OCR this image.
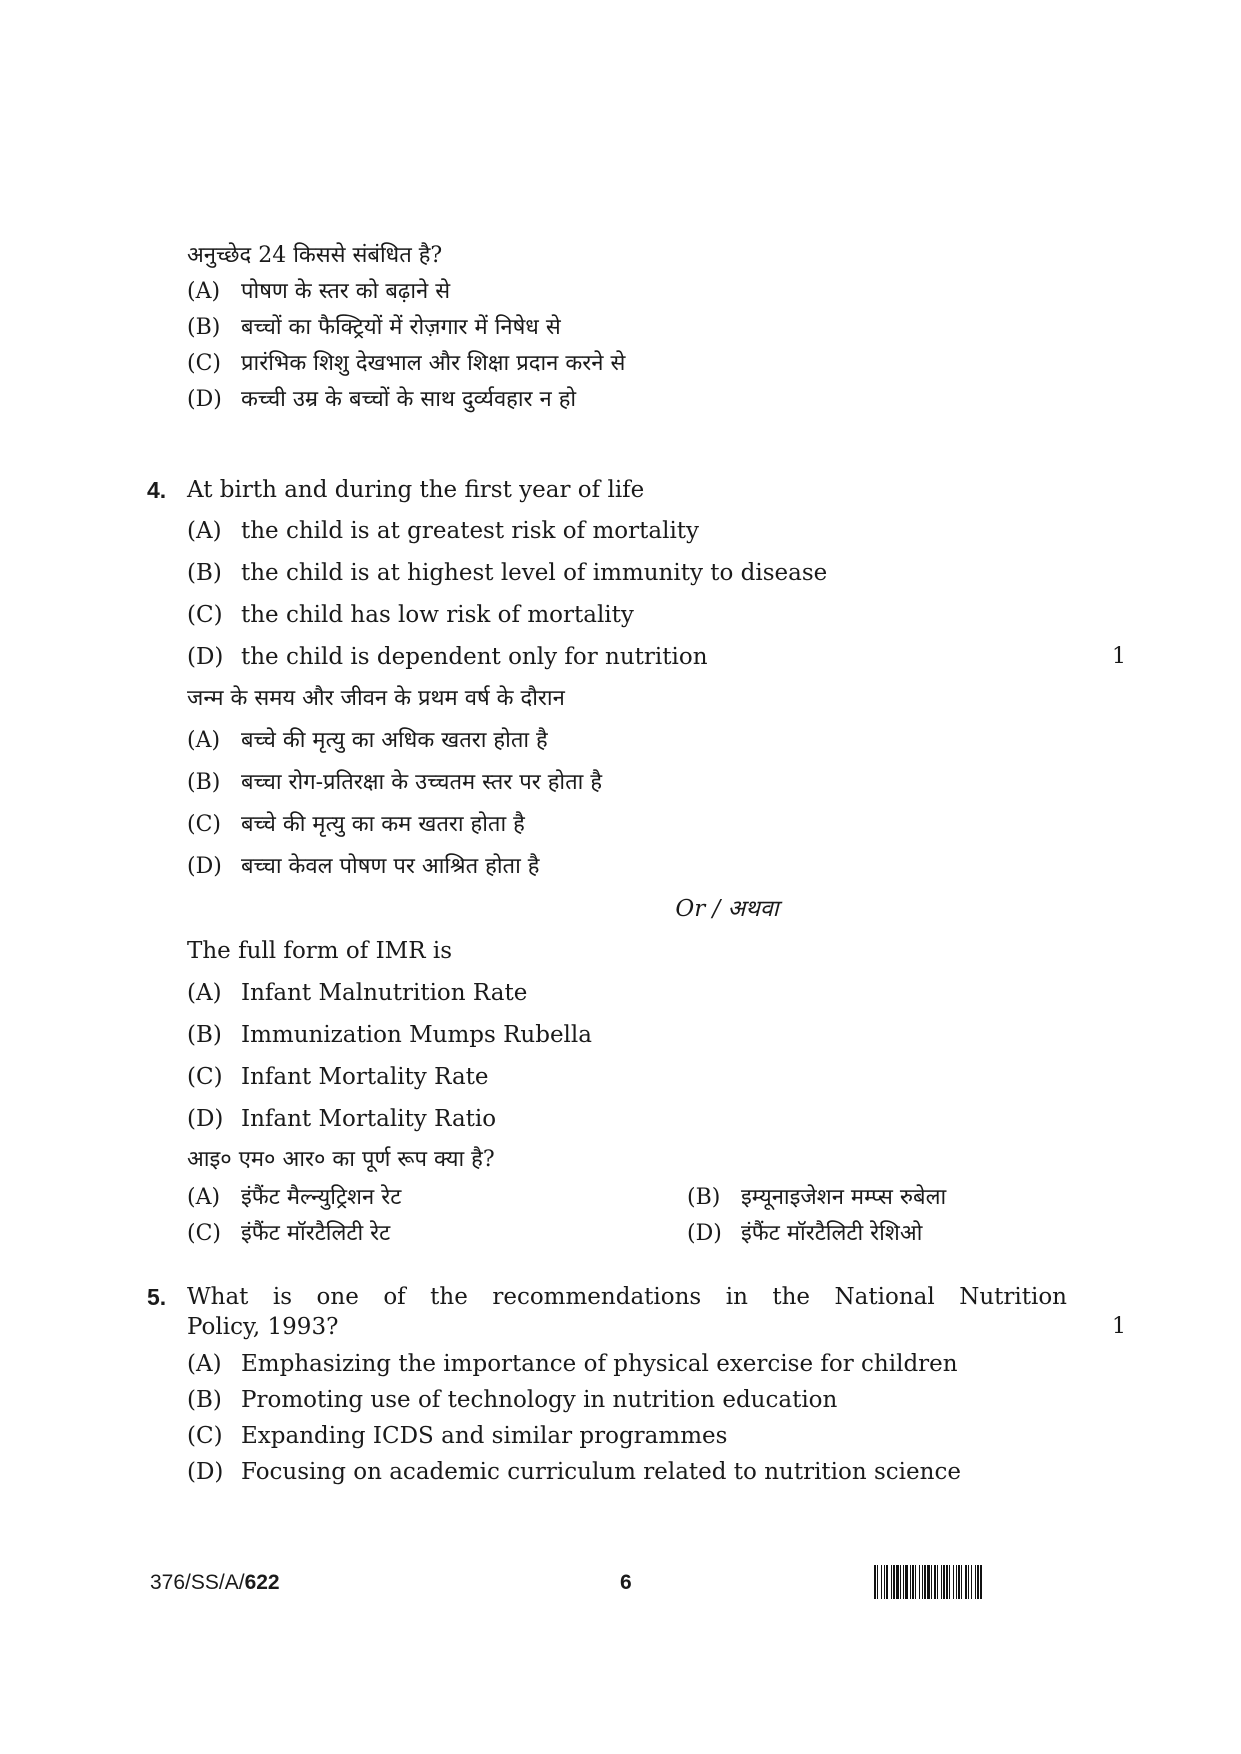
अनुच्छेद 24 किससे संबंधित है?
(A) पोषण के स्तर को बढ़ाने से
(B) बच्चों का फैक्ट्रियों में रोज़गार में निषेध से
(C) प्रारंभिक शिशु देखभाल और शिक्षा प्रदान करने से
(D) कच्ची उम्र के बच्चों के साथ दुर्व्यवहार न हो
4. At birth and during the first year of life
(A) the child is at greatest risk of mortality
(B) the child is at highest level of immunity to disease
(C) the child has low risk of mortality
(D) the child is dependent only for nutrition	1
जन्म के समय और जीवन के प्रथम वर्ष के दौरान
(A) बच्चे की मृत्यु का अधिक खतरा होता है
(B) बच्चा रोग-प्रतिरक्षा के उच्चतम स्तर पर होता है
(C) बच्चे की मृत्यु का कम खतरा होता है
(D) बच्चा केवल पोषण पर आश्रित होता है
Or / अथवा
The full form of IMR is
(A) Infant Malnutrition Rate
(B) Immunization Mumps Rubella
(C) Infant Mortality Rate
(D) Infant Mortality Ratio
आइ० एम० आर० का पूर्ण रूप क्या है?
(A) इंफैंट मैल्न्युट्रिशन रेट	(B) इम्यूनाइजेशन मम्प्स रुबेला
(C) इंफैंट मॉरटैलिटी रेट	(D) इंफैंट मॉरटैलिटी रेशिओ
5. What is one of the recommendations in the National Nutrition
Policy, 1993?	1
(A) Emphasizing the importance of physical exercise for children
(B) Promoting use of technology in nutrition education
(C) Expanding ICDS and similar programmes
(D) Focusing on academic curriculum related to nutrition science
376/SS/A/622	6
